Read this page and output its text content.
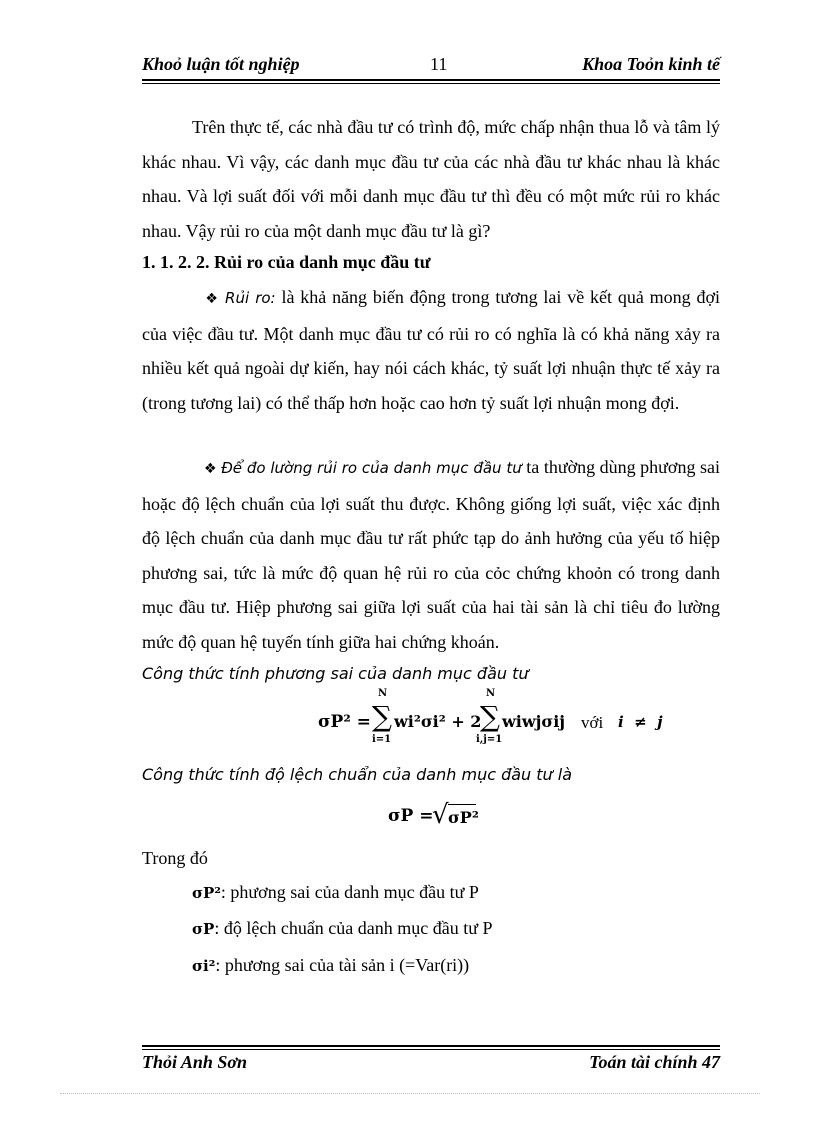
Khoỏ luận tốt nghiệp	11	Khoa Toỏn kinh tế
Trên thực tế, các nhà đầu tư có trình độ, mức chấp nhận thua lỗ và tâm lý khác nhau. Vì vậy, các danh mục đầu tư của các nhà đầu tư khác nhau là khác nhau. Và lợi suất đối với mỗi danh mục đầu tư thì đều có một mức rủi ro khác nhau. Vậy rủi ro của một danh mục đầu tư là gì?
1. 1. 2. 2. Rủi ro của danh mục đầu tư
❖ Rủi ro: là khả năng biến động trong tương lai về kết quả mong đợi của việc đầu tư. Một danh mục đầu tư có rủi ro có nghĩa là có khả năng xảy ra nhiều kết quả ngoài dự kiến, hay nói cách khác, tỷ suất lợi nhuận thực tế xảy ra (trong tương lai) có thể thấp hơn hoặc cao hơn tỷ suất lợi nhuận mong đợi.
❖ Để đo lường rủi ro của danh mục đầu tư ta thường dùng phương sai hoặc độ lệch chuẩn của lợi suất thu được. Không giống lợi suất, việc xác định độ lệch chuẩn của danh mục đầu tư rất phức tạp do ảnh hưởng của yếu tố hiệp phương sai, tức là mức độ quan hệ rủi ro của cỏc chứng khoỏn có trong danh mục đầu tư. Hiệp phương sai giữa lợi suất của hai tài sản là chỉ tiêu đo lường mức độ quan hệ tuyến tính giữa hai chứng khoán.
Công thức tính phương sai của danh mục đầu tư
σP² =
N
∑
i=1
wi²σi² + 2
N
∑
i,j=1
wiwjσij với i  ≠  j
Công thức tính độ lệch chuẩn của danh mục đầu tư là
σP =
√ σP²
Trong đó
σP²: phương sai của danh mục đầu tư P
σP: độ lệch chuẩn của danh mục đầu tư P
σi²: phương sai của tài sản i (=Var(ri))
Thỏi Anh Sơn	Toán tài chính 47
